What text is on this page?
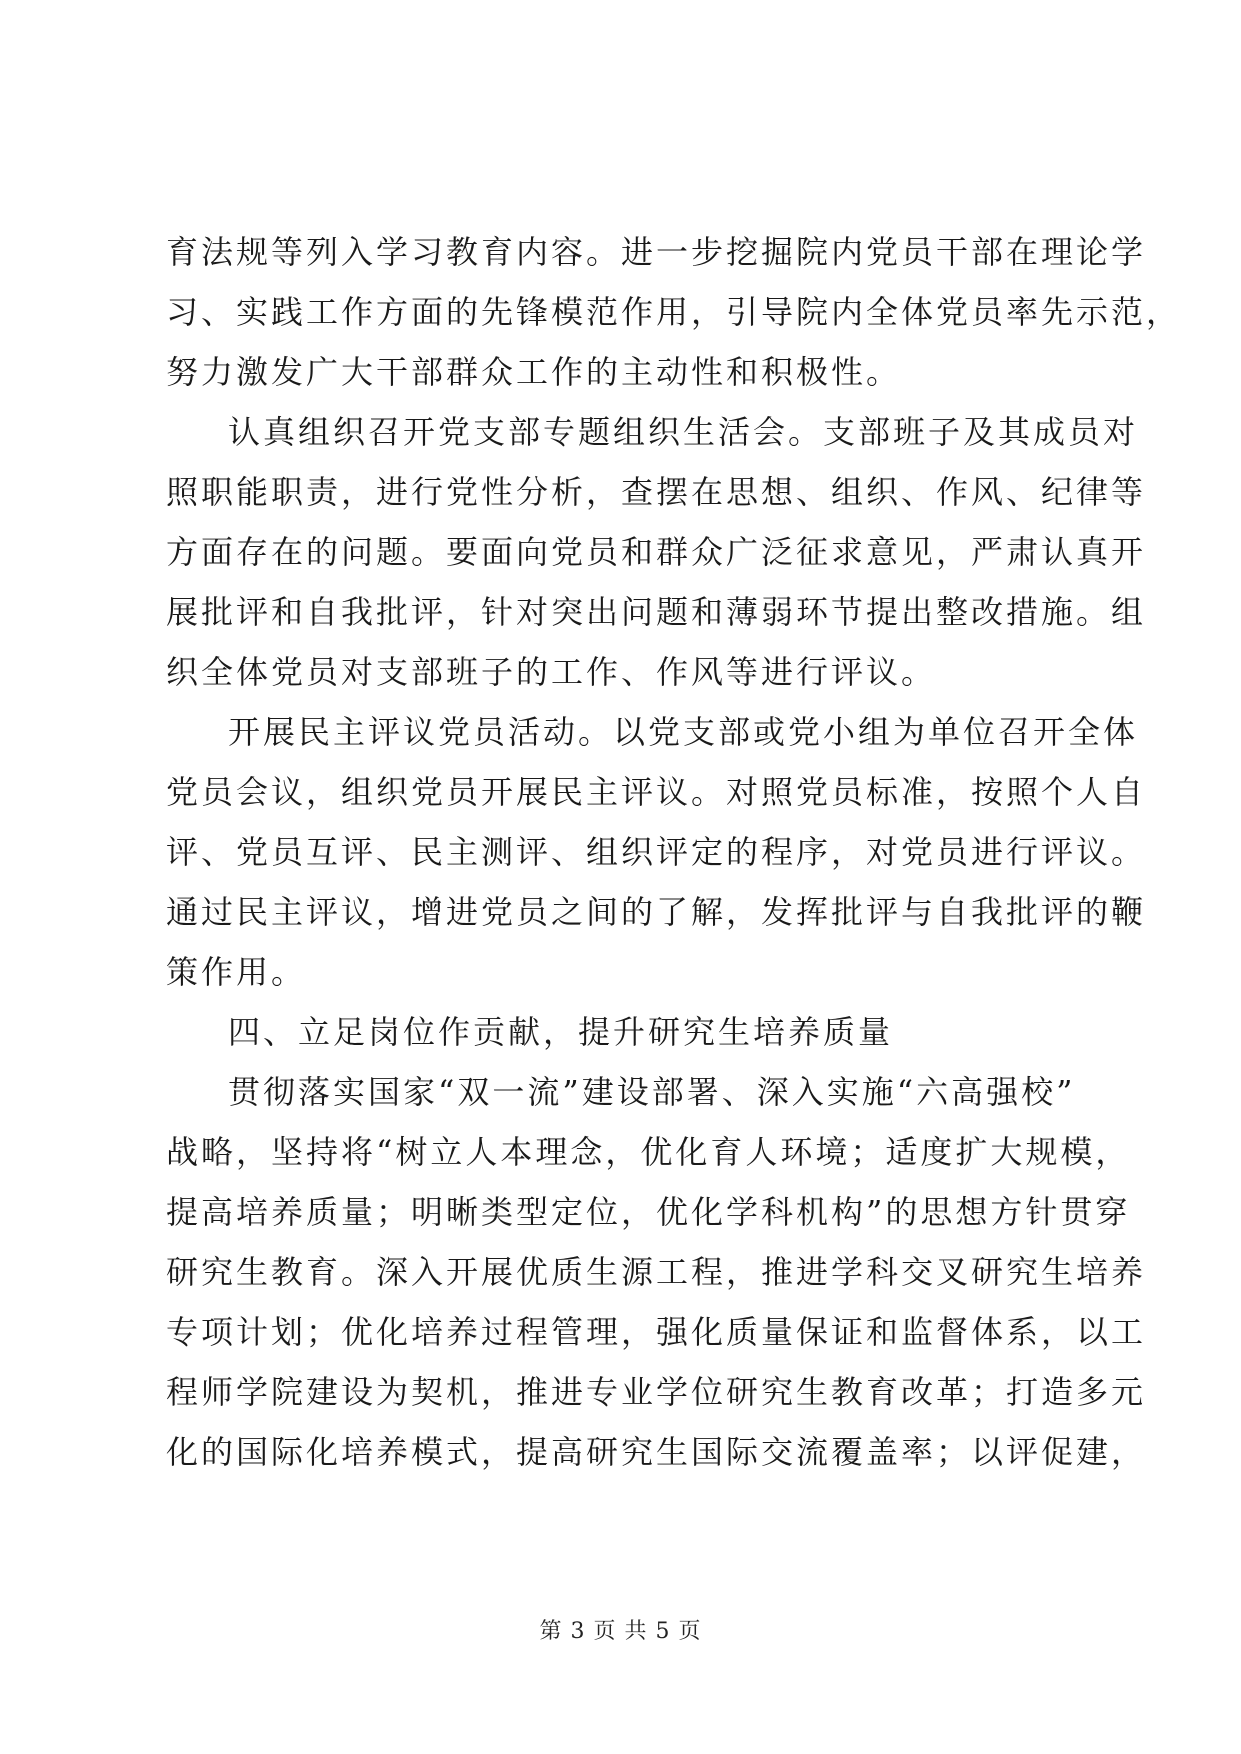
育法规等列入学习教育内容。进一步挖掘院内党员干部在理论学
习、实践工作方面的先锋模范作用，引导院内全体党员率先示范，
努力激发广大干部群众工作的主动性和积极性。
认真组织召开党支部专题组织生活会。支部班子及其成员对
照职能职责，进行党性分析，查摆在思想、组织、作风、纪律等
方面存在的问题。要面向党员和群众广泛征求意见，严肃认真开
展批评和自我批评，针对突出问题和薄弱环节提出整改措施。组
织全体党员对支部班子的工作、作风等进行评议。
开展民主评议党员活动。以党支部或党小组为单位召开全体
党员会议，组织党员开展民主评议。对照党员标准，按照个人自
评、党员互评、民主测评、组织评定的程序，对党员进行评议。
通过民主评议，增进党员之间的了解，发挥批评与自我批评的鞭
策作用。
四、立足岗位作贡献，提升研究生培养质量
贯彻落实国家“双一流”建设部署、深入实施“六高强校”
战略，坚持将“树立人本理念，优化育人环境；适度扩大规模，
提高培养质量；明晰类型定位，优化学科机构”的思想方针贯穿
研究生教育。深入开展优质生源工程，推进学科交叉研究生培养
专项计划；优化培养过程管理，强化质量保证和监督体系，以工
程师学院建设为契机，推进专业学位研究生教育改革；打造多元
化的国际化培养模式，提高研究生国际交流覆盖率；以评促建，
第 3 页 共 5 页
